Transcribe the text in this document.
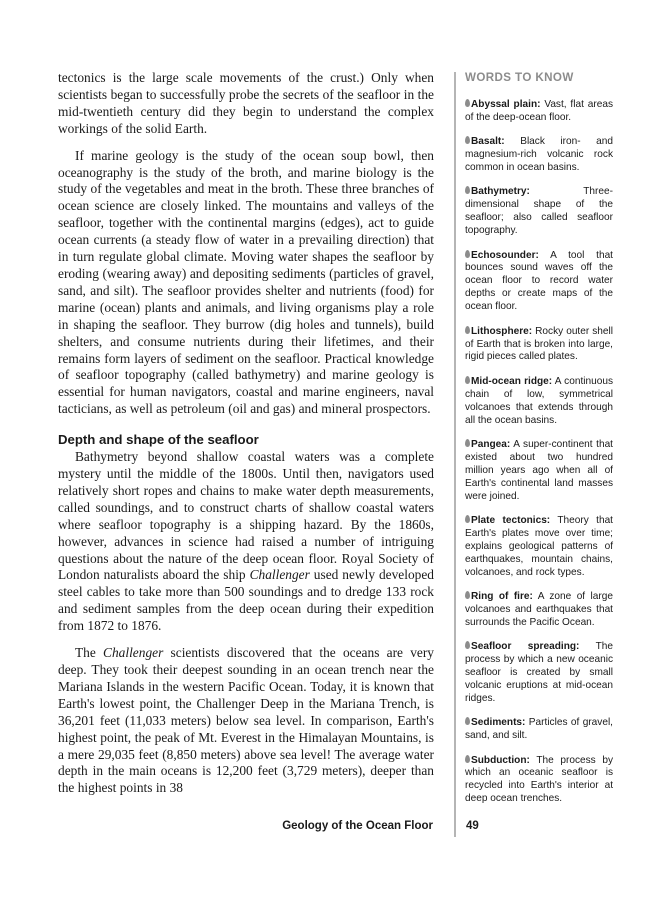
tectonics is the large scale movements of the crust.) Only when scientists began to successfully probe the secrets of the seafloor in the mid-twentieth century did they begin to understand the complex workings of the solid Earth.

If marine geology is the study of the ocean soup bowl, then oceanography is the study of the broth, and marine biology is the study of the vegetables and meat in the broth. These three branches of ocean science are closely linked. The mountains and valleys of the seafloor, together with the continental margins (edges), act to guide ocean currents (a steady flow of water in a prevailing direction) that in turn regulate global climate. Moving water shapes the seafloor by eroding (wearing away) and depositing sediments (particles of gravel, sand, and silt). The seafloor provides shelter and nutrients (food) for marine (ocean) plants and animals, and living organisms play a role in shaping the seafloor. They burrow (dig holes and tunnels), build shelters, and consume nutrients during their lifetimes, and their remains form layers of sediment on the seafloor. Practical knowledge of seafloor topography (called bathymetry) and marine geology is essential for human navigators, coastal and marine engineers, naval tacticians, as well as petroleum (oil and gas) and mineral prospectors.

Depth and shape of the seafloor

Bathymetry beyond shallow coastal waters was a complete mystery until the middle of the 1800s. Until then, navigators used relatively short ropes and chains to make water depth measurements, called soundings, and to construct charts of shallow coastal waters where seafloor topography is a shipping hazard. By the 1860s, however, advances in science had raised a number of intriguing questions about the nature of the deep ocean floor. Royal Society of London naturalists aboard the ship Challenger used newly developed steel cables to take more than 500 soundings and to dredge 133 rock and sediment samples from the deep ocean during their expedition from 1872 to 1876.

The Challenger scientists discovered that the oceans are very deep. They took their deepest sounding in an ocean trench near the Mariana Islands in the western Pacific Ocean. Today, it is known that Earth's lowest point, the Challenger Deep in the Mariana Trench, is 36,201 feet (11,033 meters) below sea level. In comparison, Earth's highest point, the peak of Mt. Everest in the Himalayan Mountains, is a mere 29,035 feet (8,850 meters) above sea level! The average water depth in the main oceans is 12,200 feet (3,729 meters), deeper than the highest points in 38

WORDS TO KNOW
Abyssal plain: Vast, flat areas of the deep-ocean floor.
Basalt: Black iron- and magnesium-rich volcanic rock common in ocean basins.
Bathymetry: Three-dimensional shape of the seafloor; also called seafloor topography.
Echosounder: A tool that bounces sound waves off the ocean floor to record water depths or create maps of the ocean floor.
Lithosphere: Rocky outer shell of Earth that is broken into large, rigid pieces called plates.
Mid-ocean ridge: A continuous chain of low, symmetrical volcanoes that extends through all the ocean basins.
Pangea: A super-continent that existed about two hundred million years ago when all of Earth's continental land masses were joined.
Plate tectonics: Theory that Earth's plates move over time; explains geological patterns of earthquakes, mountain chains, volcanoes, and rock types.
Ring of fire: A zone of large volcanoes and earthquakes that surrounds the Pacific Ocean.
Seafloor spreading: The process by which a new oceanic seafloor is created by small volcanic eruptions at mid-ocean ridges.
Sediments: Particles of gravel, sand, and silt.
Subduction: The process by which an oceanic seafloor is recycled into Earth's interior at deep ocean trenches.
Geology of the Ocean Floor	49
